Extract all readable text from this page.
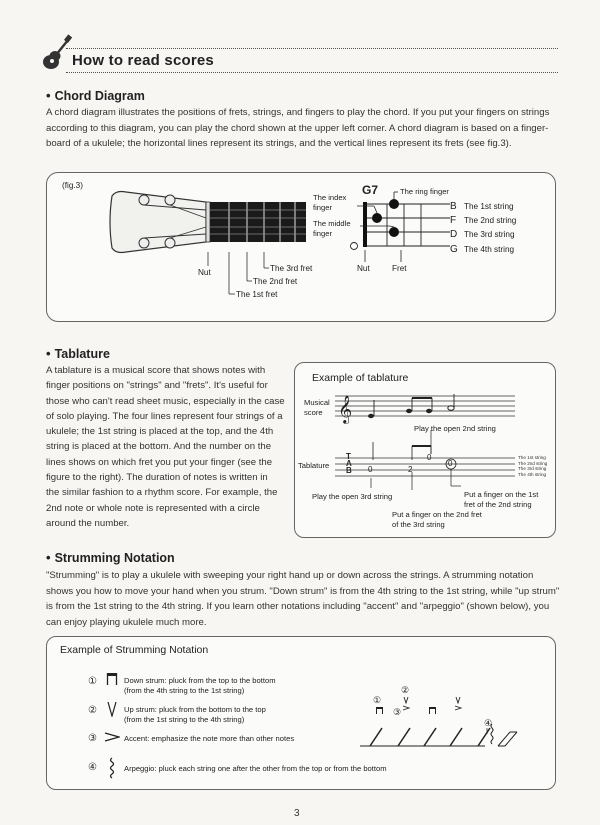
How to read scores
• Chord Diagram
A chord diagram illustrates the positions of frets, strings, and fingers to play the chord. If you put your fingers on strings
according to this diagram, you can play the chord shown at the upper left corner. A chord diagram is based on a finger-
board of a ukulele; the horizontal lines represent its strings, and the vertical lines represent its frets (see fig.3).
(fig.3)
Nut	The 3rd fret
The 2nd fret
The 1st fret
G7
The index
finger
The middle
finger
The ring finger
B The 1st string
F The 2nd string
D The 3rd string
G The 4th string
Nut	Fret
• Tablature
A tablature is a musical score that shows notes with
finger positions on "strings" and "frets". It's useful for
those who can't read sheet music, especially in the case
of solo playing. The four lines represent four strings of a
ukulele; the 1st string is placed at the top, and the 4th
string is placed at the bottom. And the number on the
lines shows on which fret you put your finger (see the
figure to the right). The duration of notes is written in
the similar fashion to a rhythm score. For example, the
2nd note or whole note is represented with a circle
around the number.
Example of tablature
Musical
score
Tablature
𝄞
T
A
B 0	2
0
0
The 1st string
The 2nd string
The 3rd string
The 4th string
Play the open 2nd string
Play the open 3rd string	Put a finger on the 1st
fret of the 2nd string
Put a finger on the 2nd fret
of the 3rd string
• Strumming Notation
"Strumming" is to play a ukulele with sweeping your right hand up or down across the strings. A strumming notation
shows you how to move your hand when you strum. "Down strum" is from the 4th string to the 1st string, while "up strum"
is from the 1st string to the 4th string. If you learn other notations including "accent" and "arpeggio" (shown below), you
can enjoy playing ukulele much more.
Example of Strumming Notation
①	Down strum: pluck from the top to the bottom
(from the 4th string to the 1st string)
②	Up strum: pluck from the bottom to the top
(from the 1st string to the 4th string)
③	Accent: emphasize the note more than other notes
④	Arpeggio: pluck each string one after the other from the top or from the bottom
①
②
③
④
3
